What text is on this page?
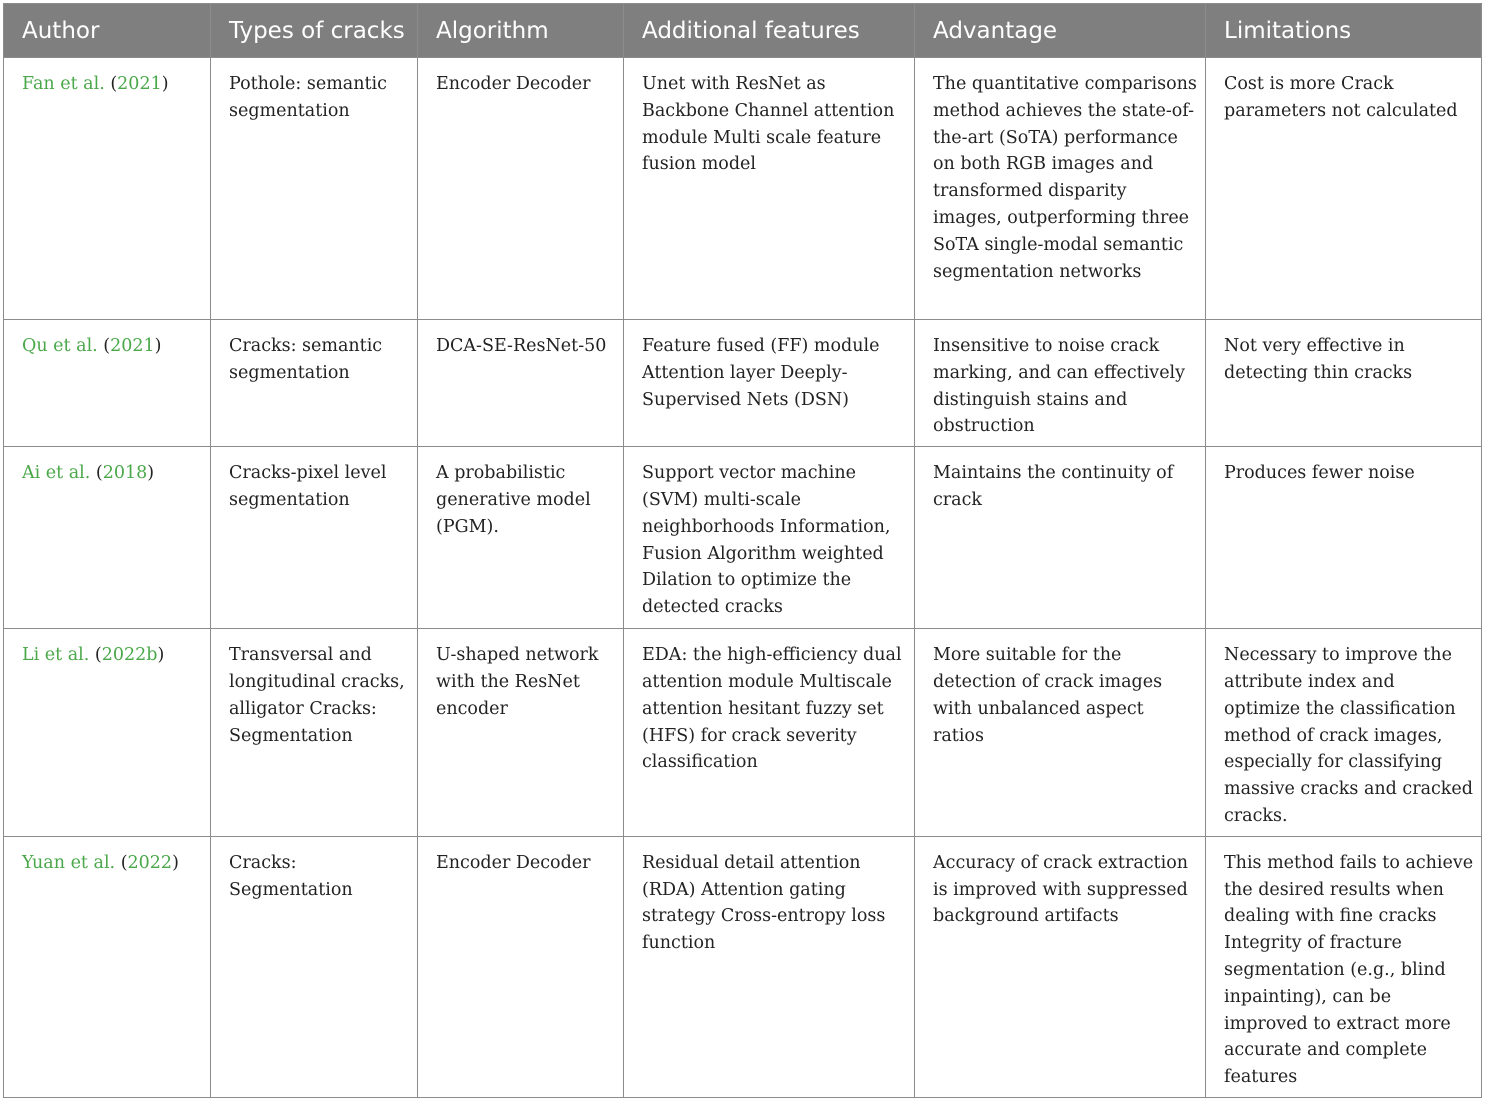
Author	Types of cracks	Algorithm	Additional features	Advantage	Limitations
Fan et al. (2021)	Pothole: semantic segmentation	Encoder Decoder	Unet with ResNet as Backbone Channel attention module Multi scale feature fusion model	The quantitative comparisons method achieves the state-of-the-art (SoTA) performance on both RGB images and transformed disparity images, outperforming three SoTA single-modal semantic segmentation networks	Cost is more Crack parameters not calculated
Qu et al. (2021)	Cracks: semantic segmentation	DCA-SE-ResNet-50	Feature fused (FF) module Attention layer Deeply-Supervised Nets (DSN)	Insensitive to noise crack marking, and can effectively distinguish stains and obstruction	Not very effective in detecting thin cracks
Ai et al. (2018)	Cracks-pixel level segmentation	A probabilistic generative model (PGM).	Support vector machine (SVM) multi-scale neighborhoods Information, Fusion Algorithm weighted Dilation to optimize the detected cracks	Maintains the continuity of crack	Produces fewer noise
Li et al. (2022b)	Transversal and longitudinal cracks, alligator Cracks: Segmentation	U-shaped network with the ResNet encoder	EDA: the high-efficiency dual attention module Multiscale attention hesitant fuzzy set (HFS) for crack severity classification	More suitable for the detection of crack images with unbalanced aspect ratios	Necessary to improve the attribute index and optimize the classification method of crack images, especially for classifying massive cracks and cracked cracks.
Yuan et al. (2022)	Cracks: Segmentation	Encoder Decoder	Residual detail attention (RDA) Attention gating strategy Cross-entropy loss function	Accuracy of crack extraction is improved with suppressed background artifacts	This method fails to achieve the desired results when dealing with fine cracks Integrity of fracture segmentation (e.g., blind inpainting), can be improved to extract more accurate and complete features
